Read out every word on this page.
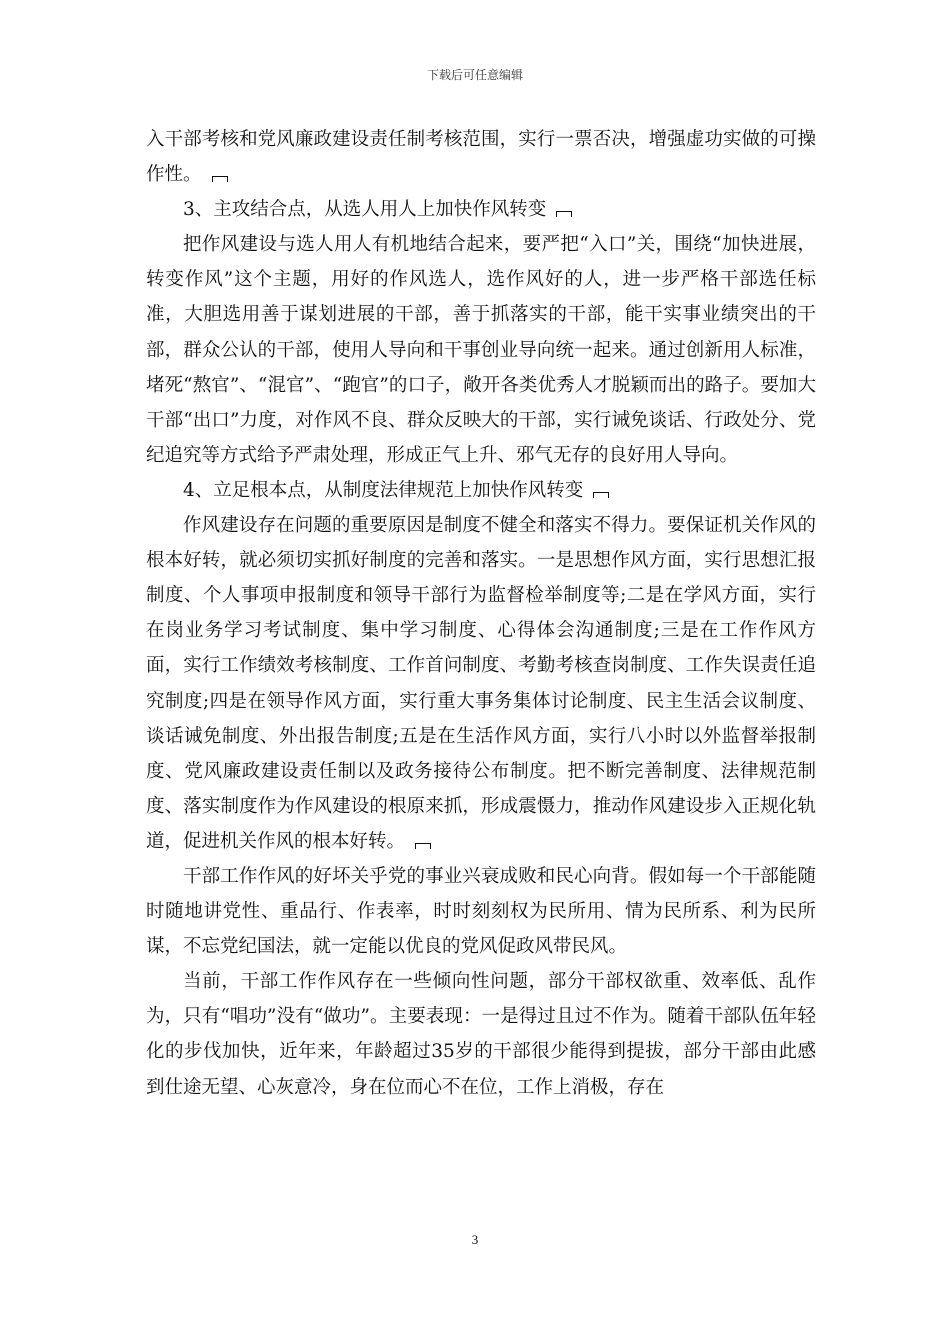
下载后可任意编辑

入干部考核和党风廉政建设责任制考核范围，实行一票否决，增强虚功实做的可操作性。

3、主攻结合点，从选人用人上加快作风转变

把作风建设与选人用人有机地结合起来，要严把“入口”关，围绕“加快进展，转变作风”这个主题，用好的作风选人，选作风好的人，进一步严格干部选任标准，大胆选用善于谋划进展的干部，善于抓落实的干部，能干实事业绩突出的干部，群众公认的干部，使用人导向和干事创业导向统一起来。通过创新用人标准，堵死“熬官”、“混官”、“跑官”的口子，敞开各类优秀人才脱颖而出的路子。要加大干部“出口”力度，对作风不良、群众反映大的干部，实行诫免谈话、行政处分、党纪追究等方式给予严肃处理，形成正气上升、邪气无存的良好用人导向。

4、立足根本点，从制度法律规范上加快作风转变

作风建设存在问题的重要原因是制度不健全和落实不得力。要保证机关作风的根本好转，就必须切实抓好制度的完善和落实。一是思想作风方面，实行思想汇报制度、个人事项申报制度和领导干部行为监督检举制度等;二是在学风方面，实行在岗业务学习考试制度、集中学习制度、心得体会沟通制度;三是在工作作风方面，实行工作绩效考核制度、工作首问制度、考勤考核查岗制度、工作失误责任追究制度;四是在领导作风方面，实行重大事务集体讨论制度、民主生活会议制度、谈话诫免制度、外出报告制度;五是在生活作风方面，实行八小时以外监督举报制度、党风廉政建设责任制以及政务接待公布制度。把不断完善制度、法律规范制度、落实制度作为作风建设的根原来抓，形成震慑力，推动作风建设步入正规化轨道，促进机关作风的根本好转。

干部工作作风的好坏关乎党的事业兴衰成败和民心向背。假如每一个干部能随时随地讲党性、重品行、作表率，时时刻刻权为民所用、情为民所系、利为民所谋，不忘党纪国法，就一定能以优良的党风促政风带民风。

当前，干部工作作风存在一些倾向性问题，部分干部权欲重、效率低、乱作为，只有“唱功”没有“做功”。主要表现：一是得过且过不作为。随着干部队伍年轻化的步伐加快，近年来，年龄超过35岁的干部很少能得到提拔，部分干部由此感到仕途无望、心灰意冷，身在位而心不在位，工作上消极，存在

3
